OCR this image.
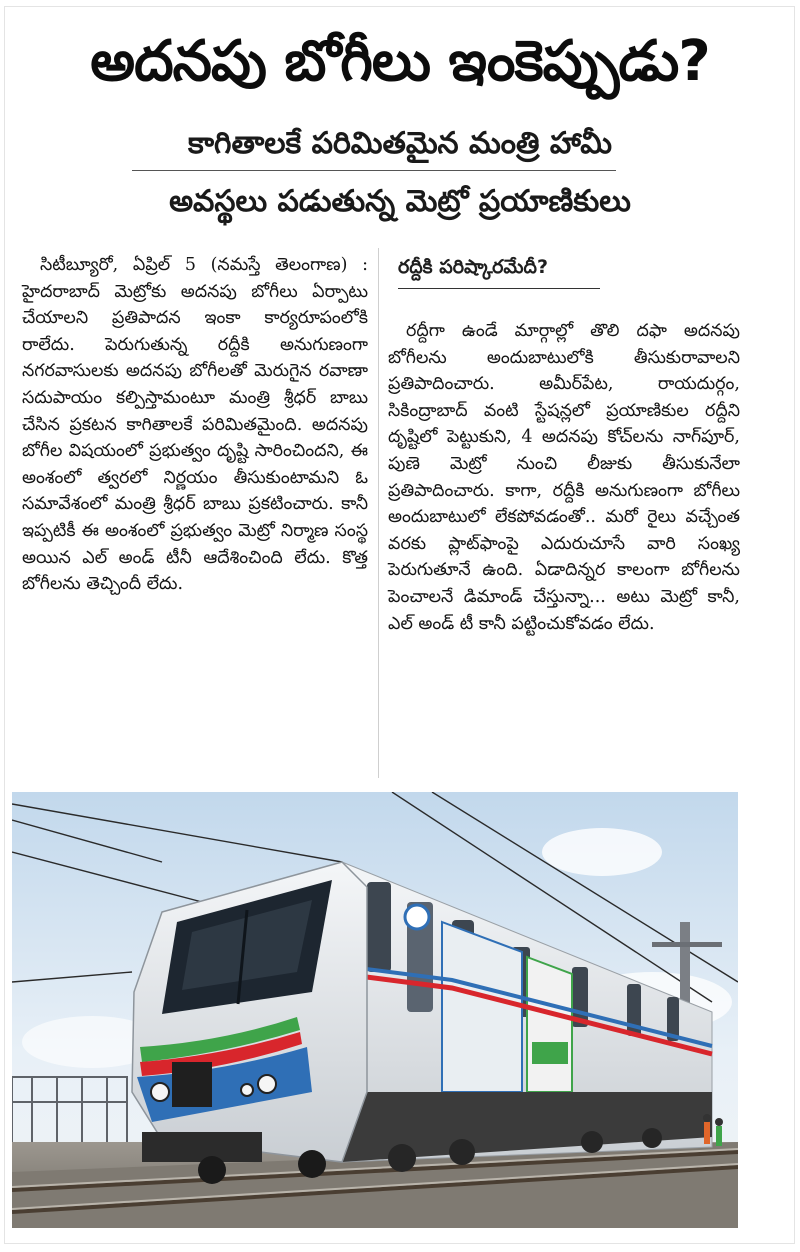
అదనపు బోగీలు ఇంకెప్పుడు?
కాగితాలకే పరిమితమైన మంత్రి హామీ
అవస్థలు పడుతున్న మెట్రో ప్రయాణికులు

సిటీబ్యూరో, ఏప్రిల్ 5 (నమస్తే తెలంగాణ) : హైదరాబాద్ మెట్రోకు అదనపు బోగీలు ఏర్పాటు చేయాలని ప్రతిపాదన ఇంకా కార్యరూపంలోకి రాలేదు. పెరుగుతున్న రద్దీకి అనుగుణంగా నగరవాసులకు అదనపు బోగీలతో మెరుగైన రవాణా సదుపాయం కల్పిస్తామంటూ మంత్రి శ్రీధర్ బాబు చేసిన ప్రకటన కాగితాలకే పరిమితమైంది. అదనపు బోగీల విషయంలో ప్రభుత్వం దృష్టి సారించిందని, ఈ అంశంలో త్వరలో నిర్ణయం తీసుకుంటామని ఓ సమావేశంలో మంత్రి శ్రీధర్ బాబు ప్రకటించారు. కానీ ఇప్పటికీ ఈ అంశంలో ప్రభుత్వం మెట్రో నిర్మాణ సంస్థ అయిన ఎల్ అండ్ టీనీ ఆదేశించింది లేదు. కొత్త బోగీలను తెచ్చిందీ లేదు.

రద్దీకి పరిష్కారమేదీ?

రద్దీగా ఉండే మార్గాల్లో తొలి దఫా అదనపు బోగీలను అందుబాటులోకి తీసుకురావాలని ప్రతిపాదించారు. అమీర్‌పేట, రాయదుర్గం, సికింద్రాబాద్ వంటి స్టేషన్లలో ప్రయాణికుల రద్దీని దృష్టిలో పెట్టుకుని, 4 అదనపు కోచ్‌లను నాగ్‌పూర్, పుణె మెట్రో నుంచి లీజుకు తీసుకునేలా ప్రతిపాదించారు. కాగా, రద్దీకి అనుగుణంగా బోగీలు అందుబాటులో లేకపోవడంతో.. మరో రైలు వచ్చేంత వరకు ప్లాట్‌ఫాంపై ఎదురుచూసే వారి సంఖ్య పెరుగుతూనే ఉంది. ఏడాదిన్నర కాలంగా బోగీలను పెంచాలనే డిమాండ్ చేస్తున్నా... అటు మెట్రో కానీ, ఎల్ అండ్ టీ కానీ పట్టించుకోవడం లేదు.
